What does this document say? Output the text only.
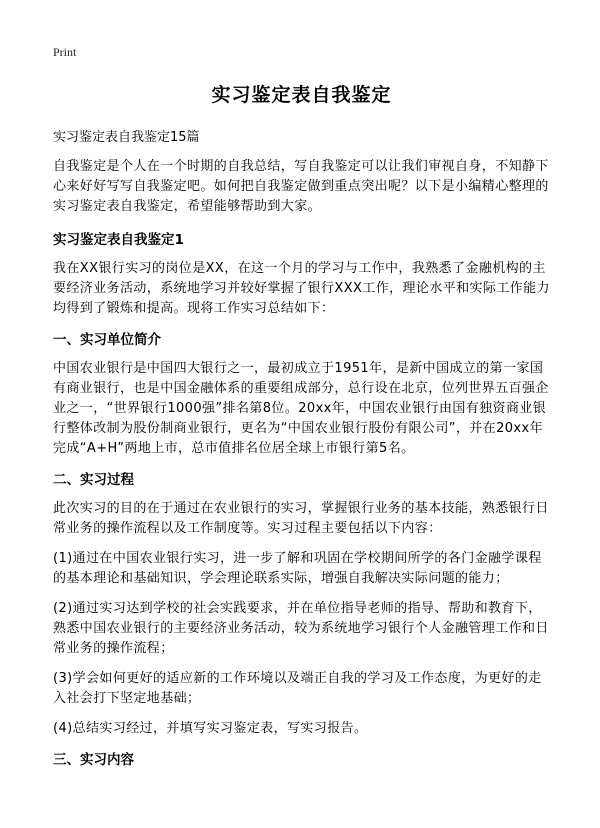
Print
实习鉴定表自我鉴定
实习鉴定表自我鉴定15篇

自我鉴定是个人在一个时期的自我总结，写自我鉴定可以让我们审视自身，不知静下心来好好写写自我鉴定吧。如何把自我鉴定做到重点突出呢？以下是小编精心整理的实习鉴定表自我鉴定，希望能够帮助到大家。

实习鉴定表自我鉴定1

我在XX银行实习的岗位是XX，在这一个月的学习与工作中，我熟悉了金融机构的主要经济业务活动，系统地学习并较好掌握了银行XXX工作，理论水平和实际工作能力均得到了锻炼和提高。现将工作实习总结如下：

一、实习单位简介

中国农业银行是中国四大银行之一，最初成立于1951年，是新中国成立的第一家国有商业银行，也是中国金融体系的重要组成部分，总行设在北京，位列世界五百强企业之一，“世界银行1000强”排名第8位。20xx年，中国农业银行由国有独资商业银行整体改制为股份制商业银行，更名为“中国农业银行股份有限公司”，并在20xx年完成“A+H”两地上市，总市值排名位居全球上市银行第5名。

二、实习过程

此次实习的目的在于通过在农业银行的实习，掌握银行业务的基本技能，熟悉银行日常业务的操作流程以及工作制度等。实习过程主要包括以下内容：

(1)通过在中国农业银行实习，进一步了解和巩固在学校期间所学的各门金融学课程的基本理论和基础知识，学会理论联系实际，增强自我解决实际问题的能力；

(2)通过实习达到学校的社会实践要求，并在单位指导老师的指导、帮助和教育下，熟悉中国农业银行的主要经济业务活动，较为系统地学习银行个人金融管理工作和日常业务的操作流程；

(3)学会如何更好的适应新的工作环境以及端正自我的学习及工作态度，为更好的走入社会打下坚定地基础；

(4)总结实习经过，并填写实习鉴定表，写实习报告。

三、实习内容
